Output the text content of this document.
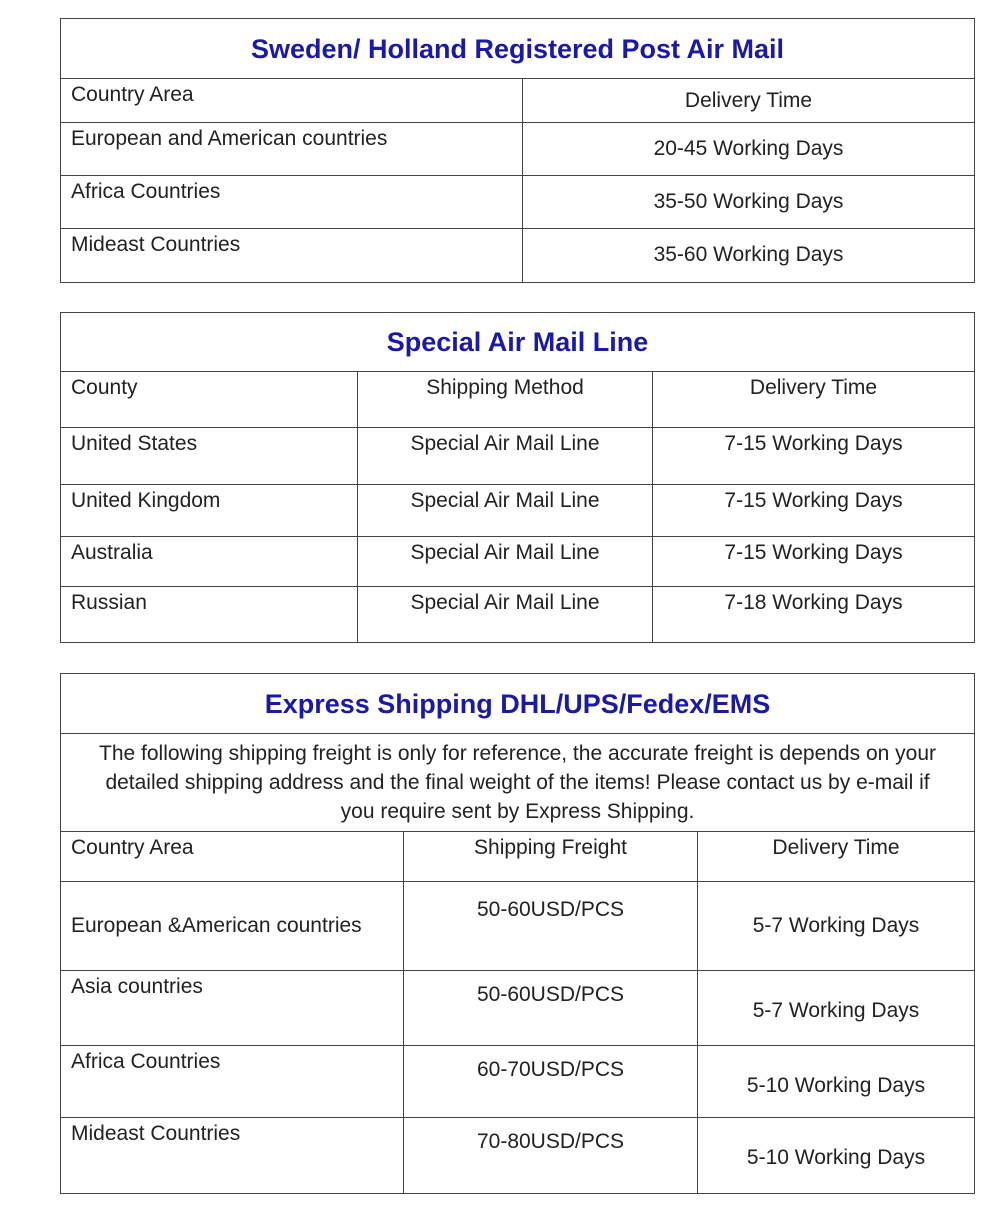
Sweden/ Holland Registered Post Air Mail	
Country Area	Delivery Time
European and American countries	20-45 Working Days
Africa Countries	35-50 Working Days
Mideast Countries	35-60 Working Days
Special Air Mail Line		
County	Shipping Method	Delivery Time
United States	Special Air Mail Line	7-15 Working Days
United Kingdom	Special Air Mail Line	7-15 Working Days
Australia	Special Air Mail Line	7-15 Working Days
Russian	Special Air Mail Line	7-18 Working Days
Express Shipping DHL/UPS/Fedex/EMS		

The following shipping freight is only for reference, the accurate freight is depends on your
detailed shipping address and the final weight of the items! Please contact us by e-mail if
you require sent by Express Shipping.		

Country Area	Shipping Freight	Delivery Time
European &American countries	50-60USD/PCS	5-7 Working Days
Asia countries	50-60USD/PCS	5-7 Working Days
Africa Countries	60-70USD/PCS	5-10 Working Days
Mideast Countries	70-80USD/PCS	5-10 Working Days
